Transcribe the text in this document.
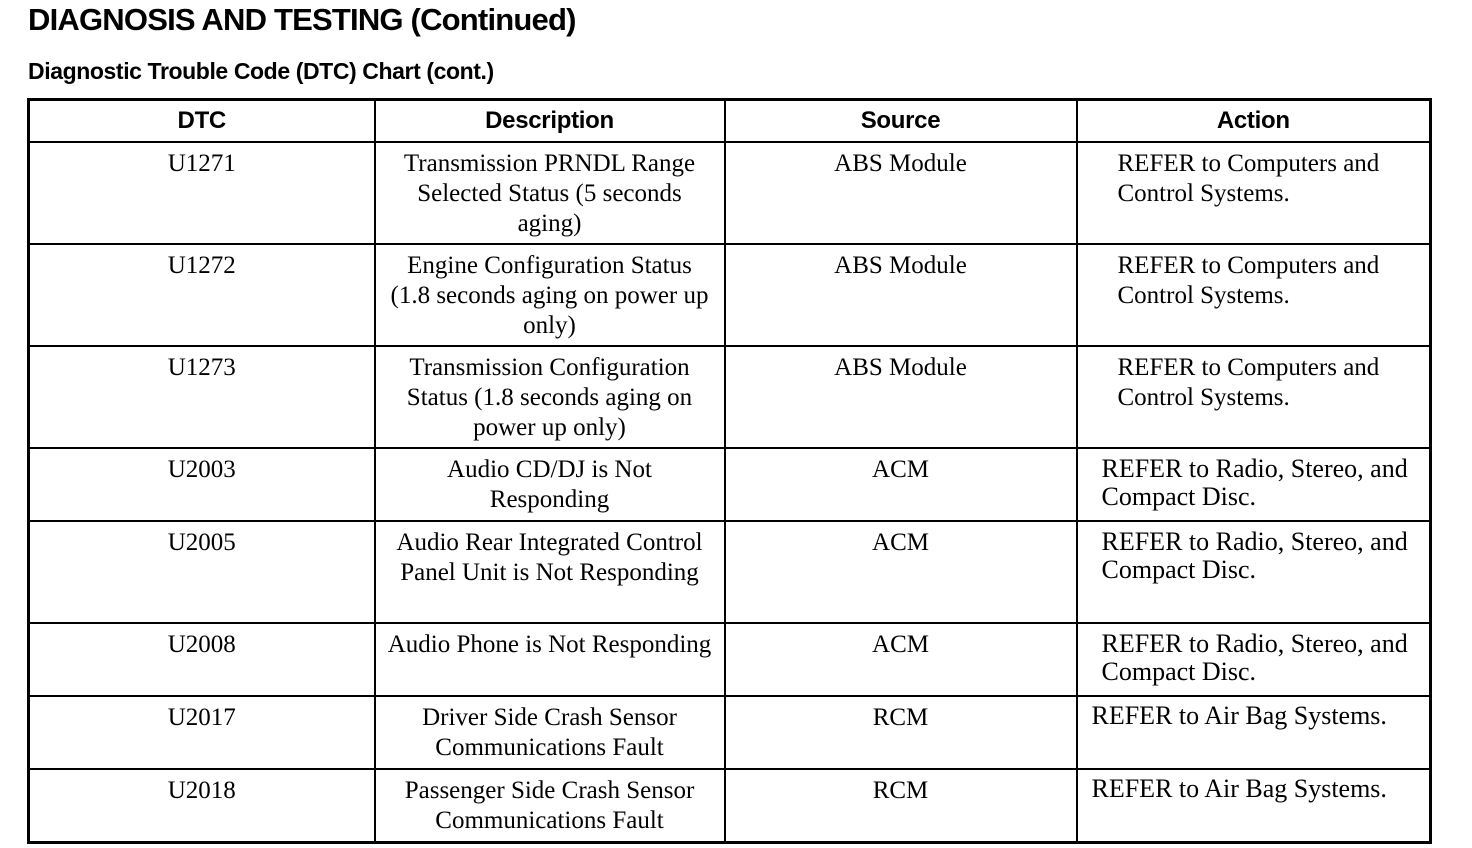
DIAGNOSIS AND TESTING (Continued)
Diagnostic Trouble Code (DTC) Chart (cont.)
DTC	Description	Source	Action

U1271	Transmission PRNDL Range Selected Status (5 seconds aging)	ABS Module	REFER to Computers and Control Systems.

U1272	Engine Configuration Status (1.8 seconds aging on power up only)	ABS Module	REFER to Computers and Control Systems.

U1273	Transmission Configuration Status (1.8 seconds aging on power up only)	ABS Module	REFER to Computers and Control Systems.

U2003	Audio CD/DJ is Not Responding	ACM	REFER to Radio, Stereo, and Compact Disc.

U2005	Audio Rear Integrated Control Panel Unit is Not Responding	ACM	REFER to Radio, Stereo, and Compact Disc.

U2008	Audio Phone is Not Responding	ACM	REFER to Radio, Stereo, and Compact Disc.

U2017	Driver Side Crash Sensor Communications Fault	RCM	REFER to Air Bag Systems.

U2018	Passenger Side Crash Sensor Communications Fault	RCM	REFER to Air Bag Systems.
